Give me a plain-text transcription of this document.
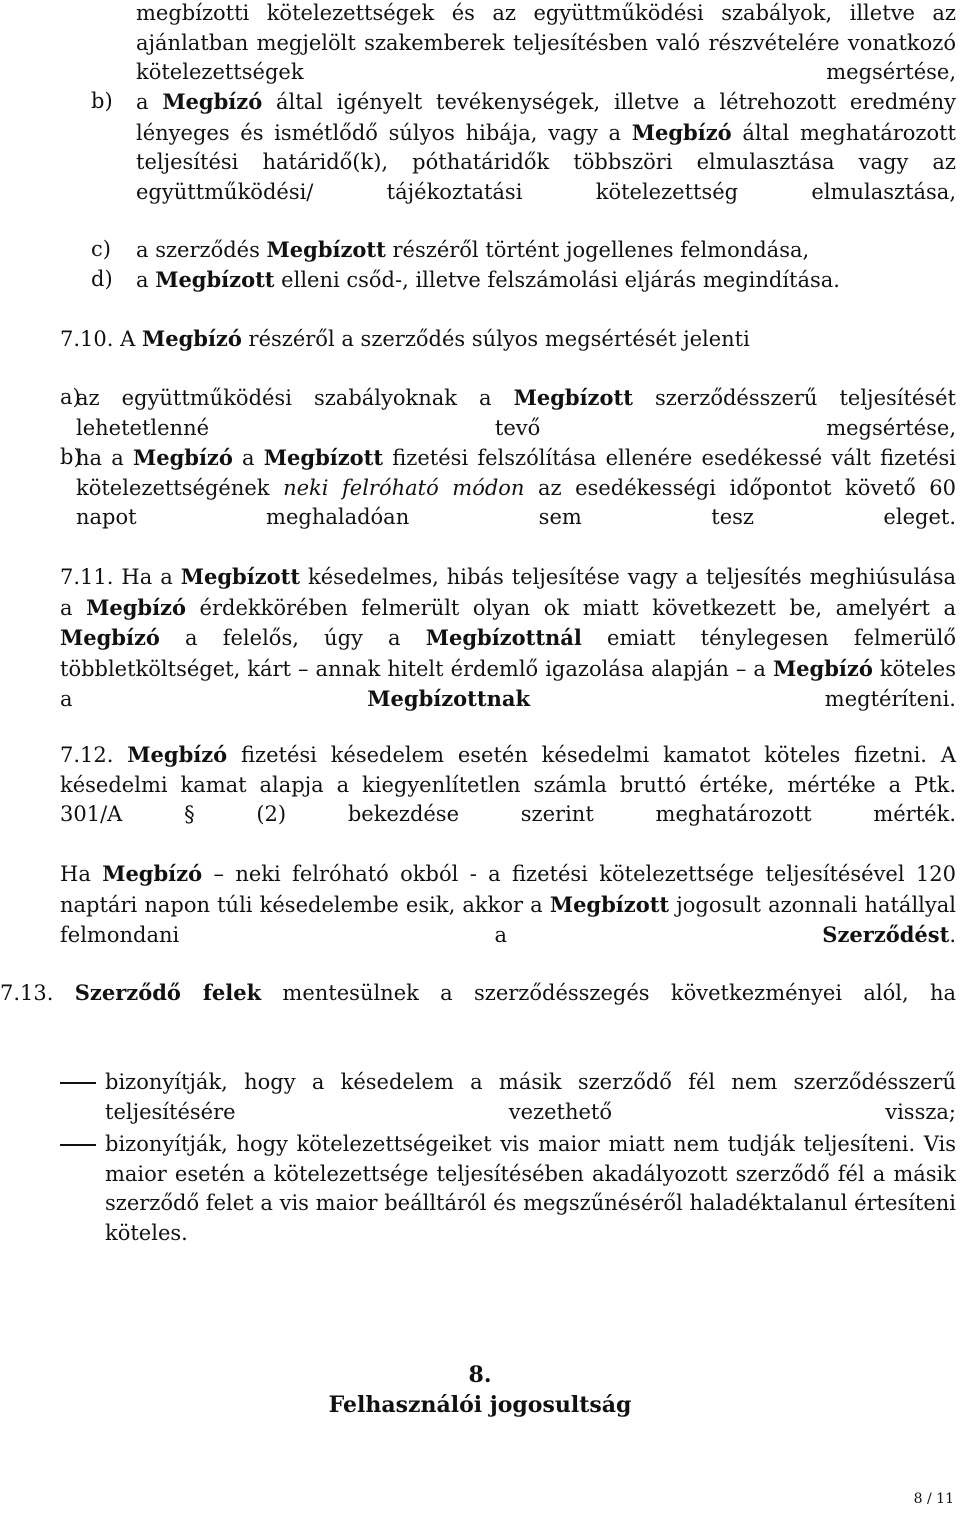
megbízotti kötelezettségek és az együttműködési szabályok, illetve az ajánlatban megjelölt szakemberek teljesítésben való részvételére vonatkozó kötelezettségek megsértése,

b) a Megbízó által igényelt tevékenységek, illetve a létrehozott eredmény lényeges és ismétlődő súlyos hibája, vagy a Megbízó által meghatározott teljesítési határidő(k), póthatáridők többszöri elmulasztása vagy az együttműködési/ tájékoztatási kötelezettség elmulasztása,

c) a szerződés Megbízott részéről történt jogellenes felmondása,

d) a Megbízott elleni csőd-, illetve felszámolási eljárás megindítása.

7.10. A Megbízó részéről a szerződés súlyos megsértését jelenti

a)

az együttműködési szabályoknak a Megbízott szerződésszerű teljesítését lehetetlenné tevő megsértése,

b)

ha a Megbízó a Megbízott fizetési felszólítása ellenére esedékessé vált fizetési kötelezettségének neki felróható módon az esedékességi időpontot követő 60 napot meghaladóan sem tesz eleget.

7.11. Ha a Megbízott késedelmes, hibás teljesítése vagy a teljesítés meghiúsulása a Megbízó érdekkörében felmerült olyan ok miatt következett be, amelyért a Megbízó a felelős, úgy a Megbízottnál emiatt ténylegesen felmerülő többletköltséget, kárt – annak hitelt érdemlő igazolása alapján – a Megbízó köteles a Megbízottnak megtéríteni.

7.12. Megbízó fizetési késedelem esetén késedelmi kamatot köteles fizetni. A késedelmi kamat alapja a kiegyenlítetlen számla bruttó értéke, mértéke a Ptk. 301/A § (2) bekezdése szerint meghatározott mérték.

Ha Megbízó – neki felróható okból - a fizetési kötelezettsége teljesítésével 120 naptári napon túli késedelembe esik, akkor a Megbízott jogosult azonnali hatállyal felmondani a Szerződést.

7.13. Szerződő felek mentesülnek a szerződésszegés következményei alól, ha

bizonyítják, hogy a késedelem a másik szerződő fél nem szerződésszerű teljesítésére vezethető vissza;

bizonyítják, hogy kötelezettségeiket vis maior miatt nem tudják teljesíteni. Vis maior esetén a kötelezettsége teljesítésében akadályozott szerződő fél a másik szerződő felet a vis maior beálltáról és megszűnéséről haladéktalanul értesíteni köteles.

8.
Felhasználói jogosultság
8 / 11
